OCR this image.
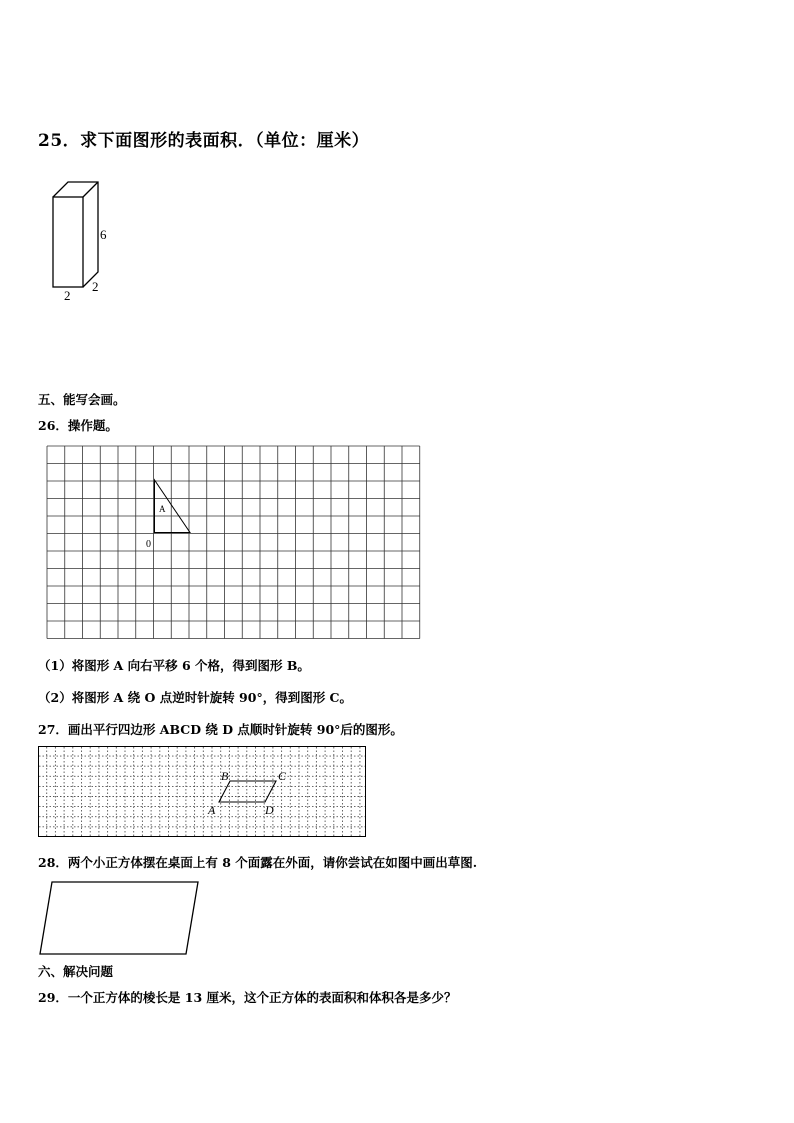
25．求下面图形的表面积．（单位：厘米）
6
2
2
五、能写会画。
26．操作题。
A
0
（1）将图形 A 向右平移 6 个格，得到图形 B。
（2）将图形 A 绕 O 点逆时针旋转 90°，得到图形 C。
27．画出平行四边形 ABCD 绕 D 点顺时针旋转 90°后的图形。
B	C
A	D
28．两个小正方体摆在桌面上有 8 个面露在外面，请你尝试在如图中画出草图.
六、解决问题
29．一个正方体的棱长是 13 厘米，这个正方体的表面积和体积各是多少？
